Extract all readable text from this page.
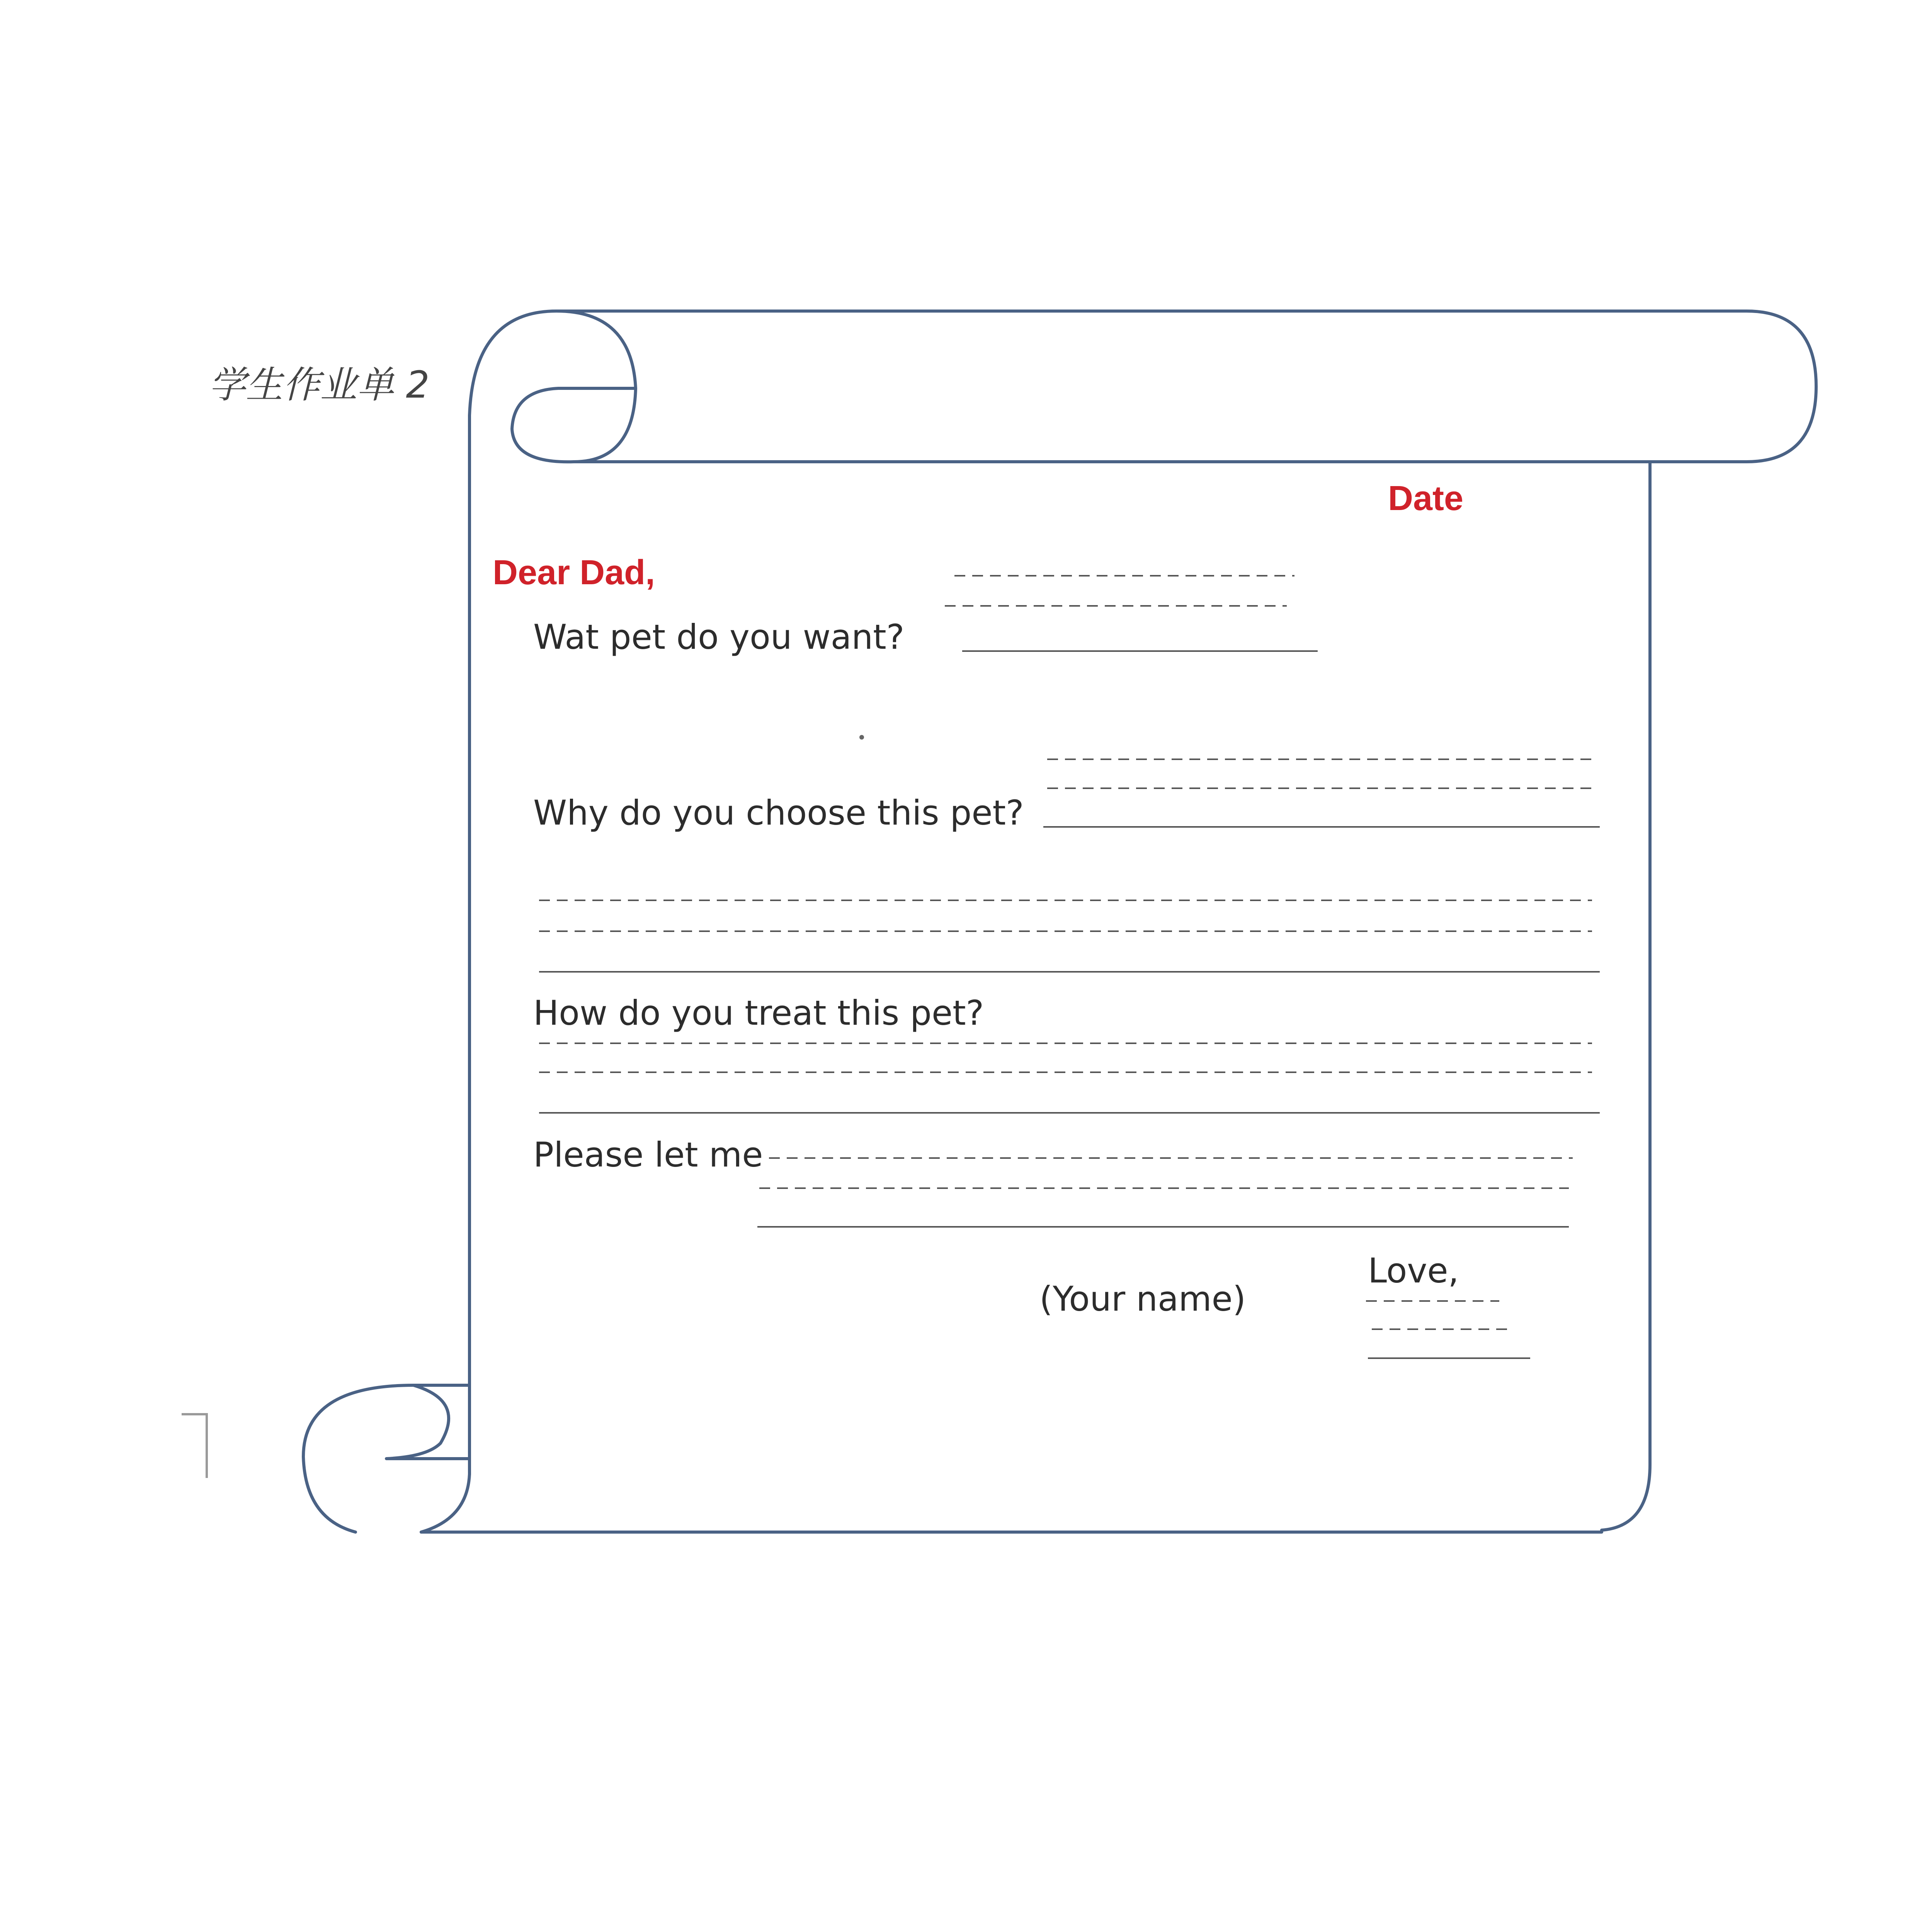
学生作业单 2
Date
Dear Dad,
Wat pet do you want?
Why do you choose this pet?
How do you treat this pet?
Please let me
Love,
(Your name)
